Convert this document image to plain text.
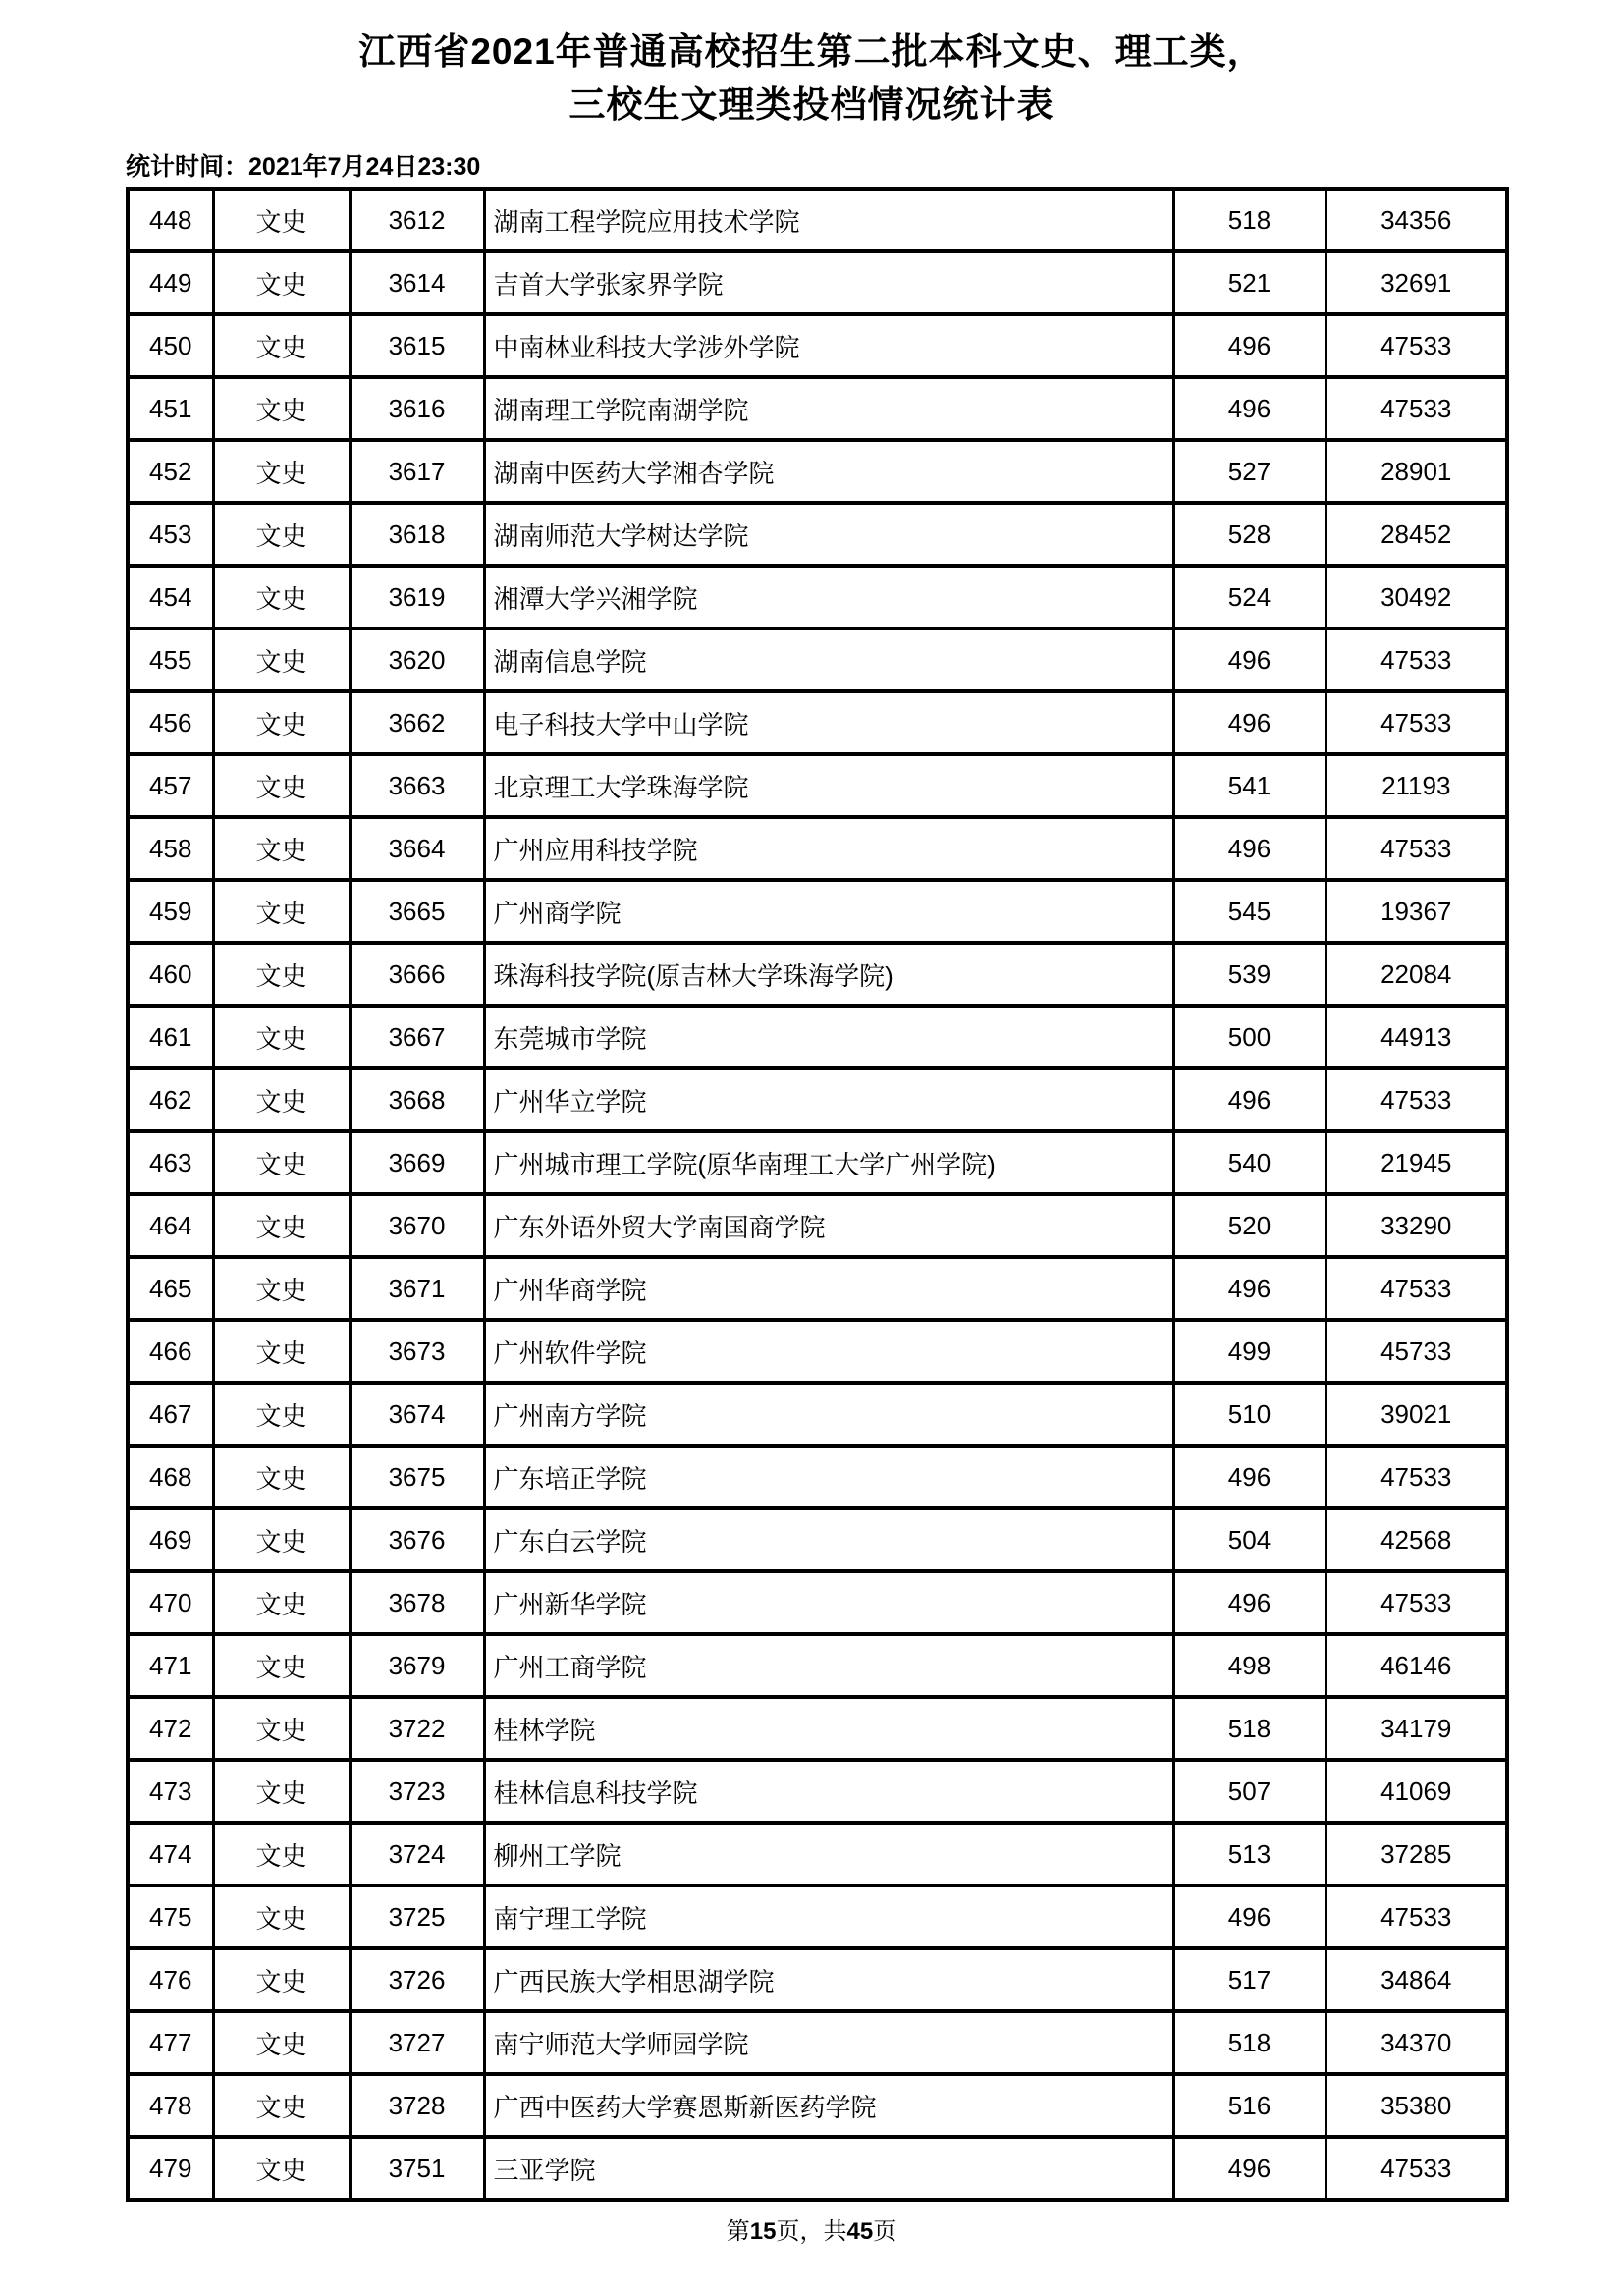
江西省2021年普通高校招生第二批本科文史、理工类，
三校生文理类投档情况统计表
统计时间：2021年7月24日23:30
448	文史	3612	湖南工程学院应用技术学院	518	34356
449	文史	3614	吉首大学张家界学院	521	32691
450	文史	3615	中南林业科技大学涉外学院	496	47533
451	文史	3616	湖南理工学院南湖学院	496	47533
452	文史	3617	湖南中医药大学湘杏学院	527	28901
453	文史	3618	湖南师范大学树达学院	528	28452
454	文史	3619	湘潭大学兴湘学院	524	30492
455	文史	3620	湖南信息学院	496	47533
456	文史	3662	电子科技大学中山学院	496	47533
457	文史	3663	北京理工大学珠海学院	541	21193
458	文史	3664	广州应用科技学院	496	47533
459	文史	3665	广州商学院	545	19367
460	文史	3666	珠海科技学院(原吉林大学珠海学院)	539	22084
461	文史	3667	东莞城市学院	500	44913
462	文史	3668	广州华立学院	496	47533
463	文史	3669	广州城市理工学院(原华南理工大学广州学院)	540	21945
464	文史	3670	广东外语外贸大学南国商学院	520	33290
465	文史	3671	广州华商学院	496	47533
466	文史	3673	广州软件学院	499	45733
467	文史	3674	广州南方学院	510	39021
468	文史	3675	广东培正学院	496	47533
469	文史	3676	广东白云学院	504	42568
470	文史	3678	广州新华学院	496	47533
471	文史	3679	广州工商学院	498	46146
472	文史	3722	桂林学院	518	34179
473	文史	3723	桂林信息科技学院	507	41069
474	文史	3724	柳州工学院	513	37285
475	文史	3725	南宁理工学院	496	47533
476	文史	3726	广西民族大学相思湖学院	517	34864
477	文史	3727	南宁师范大学师园学院	518	34370
478	文史	3728	广西中医药大学赛恩斯新医药学院	516	35380
479	文史	3751	三亚学院	496	47533
第15页，共45页
